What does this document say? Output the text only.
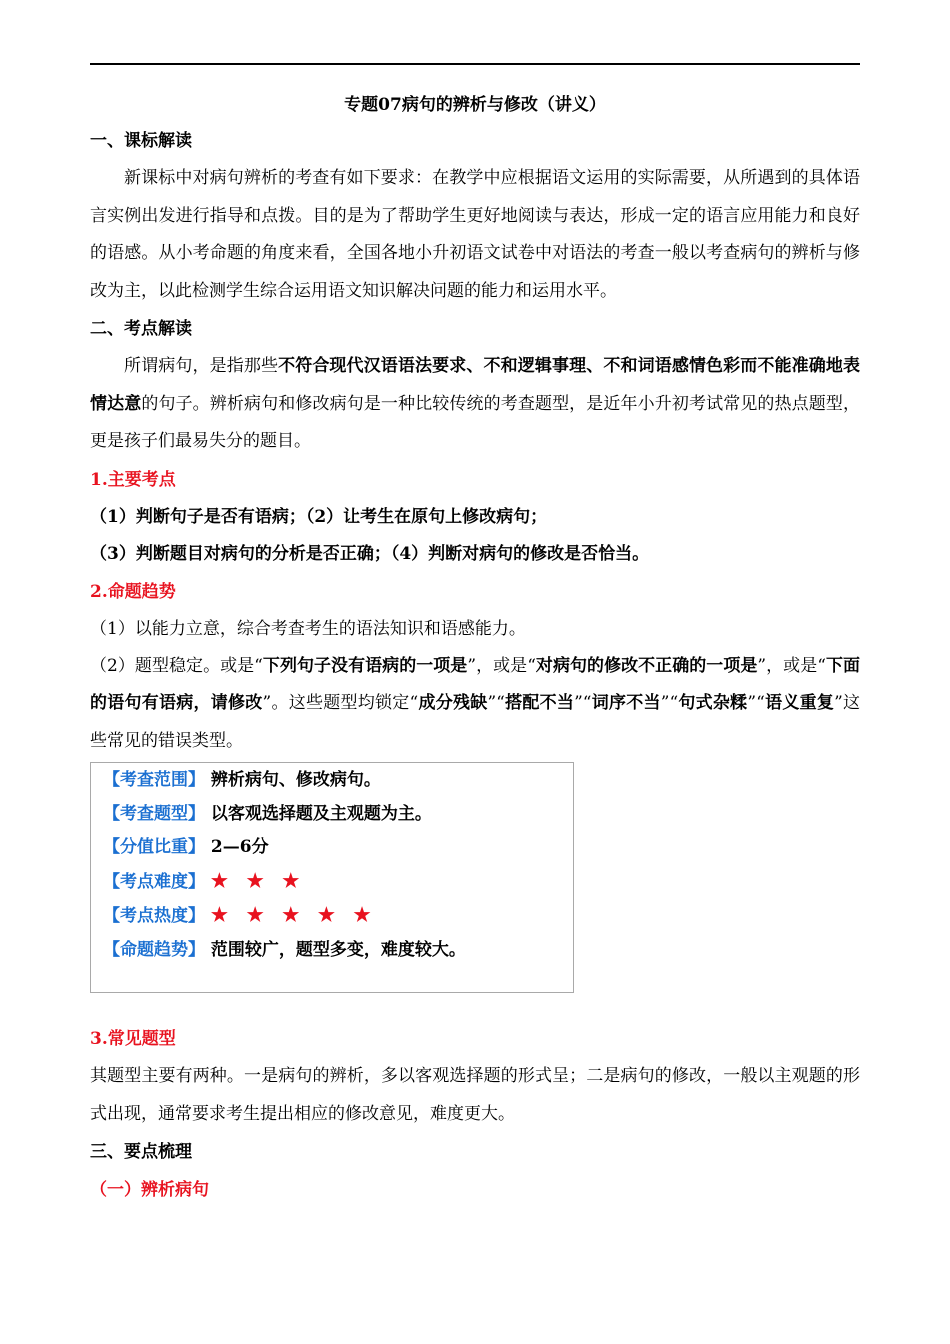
专题07病句的辨析与修改（讲义）
一、课标解读
新课标中对病句辨析的考查有如下要求：在教学中应根据语文运用的实际需要，从所遇到的具体语言实例出发进行指导和点拨。目的是为了帮助学生更好地阅读与表达，形成一定的语言应用能力和良好的语感。从小考命题的角度来看，全国各地小升初语文试卷中对语法的考查一般以考查病句的辨析与修改为主，以此检测学生综合运用语文知识解决问题的能力和运用水平。
二、考点解读
所谓病句，是指那些不符合现代汉语语法要求、不和逻辑事理、不和词语感情色彩而不能准确地表情达意的句子。辨析病句和修改病句是一种比较传统的考查题型，是近年小升初考试常见的热点题型，更是孩子们最易失分的题目。
1.主要考点
（1）判断句子是否有语病；（2）让考生在原句上修改病句；
（3）判断题目对病句的分析是否正确；（4）判断对病句的修改是否恰当。
2.命题趋势
（1）以能力立意，综合考查考生的语法知识和语感能力。
（2）题型稳定。或是“下列句子没有语病的一项是”，或是“对病句的修改不正确的一项是”，或是“下面的语句有语病，请修改”。这些题型均锁定“成分残缺”“搭配不当”“词序不当”“句式杂糅”“语义重复”这些常见的错误类型。
【考查范围】 辨析病句、修改病句。
【考查题型】 以客观选择题及主观题为主。
【分值比重】 2—6分
【考点难度】 ★ ★ ★
【考点热度】 ★ ★ ★ ★ ★
【命题趋势】 范围较广，题型多变，难度较大。
3.常见题型
其题型主要有两种。一是病句的辨析，多以客观选择题的形式呈；二是病句的修改，一般以主观题的形式出现，通常要求考生提出相应的修改意见，难度更大。
三、要点梳理
（一）辨析病句
